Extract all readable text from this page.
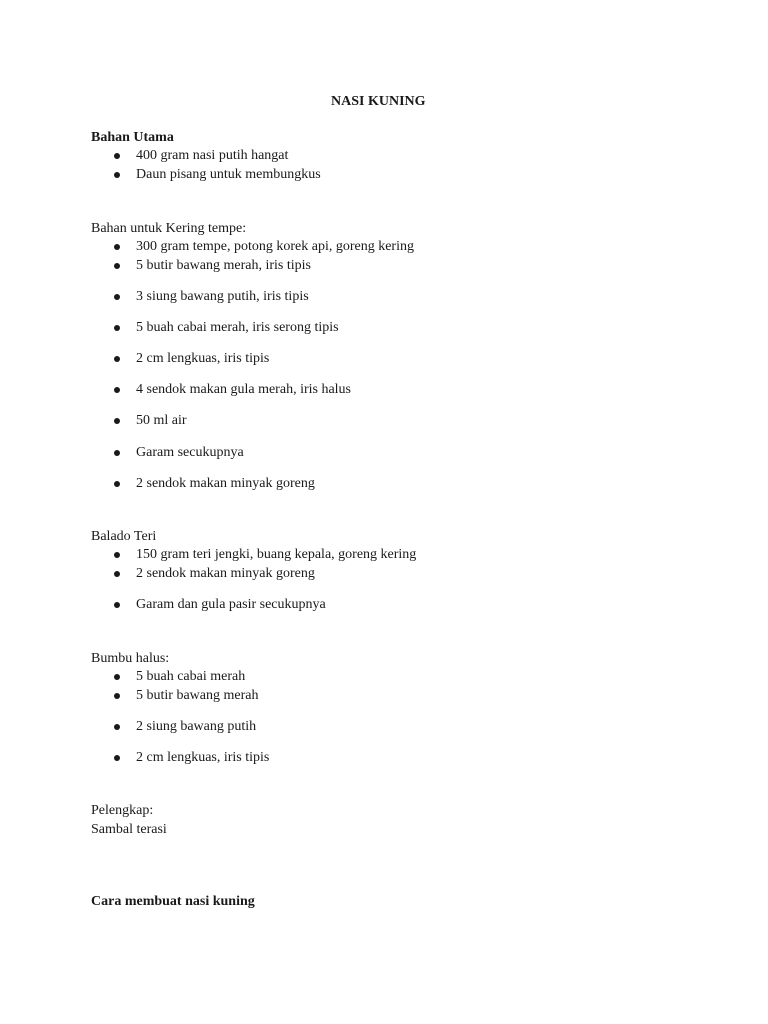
NASI KUNING
Bahan Utama
400 gram nasi putih hangat
Daun pisang untuk membungkus
Bahan untuk Kering tempe:
300 gram tempe, potong korek api, goreng kering
5 butir bawang merah, iris tipis
3 siung bawang putih, iris tipis
5 buah cabai merah, iris serong tipis
2 cm lengkuas, iris tipis
4 sendok makan gula merah, iris halus
50 ml air
Garam secukupnya
2 sendok makan minyak goreng
Balado Teri
150 gram teri jengki, buang kepala, goreng kering
2 sendok makan minyak goreng
Garam dan gula pasir secukupnya
Bumbu halus:
5 buah cabai merah
5 butir bawang merah
2 siung bawang putih
2 cm lengkuas, iris tipis
Pelengkap:
Sambal terasi
Cara membuat nasi kuning
